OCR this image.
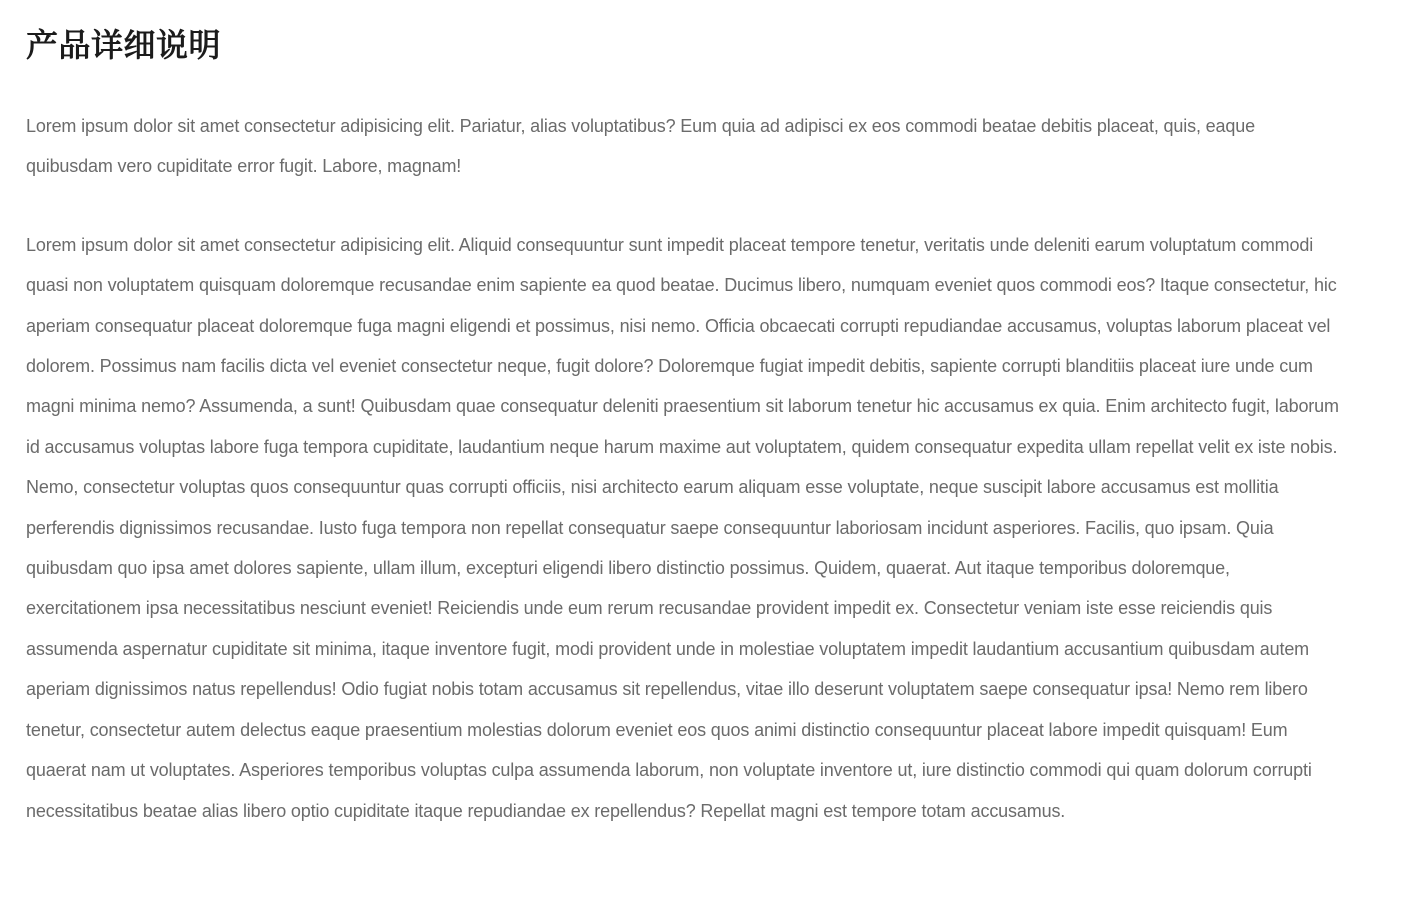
产品详细说明

Lorem ipsum dolor sit amet consectetur adipisicing elit. Pariatur, alias voluptatibus? Eum quia ad adipisci ex eos commodi beatae debitis placeat, quis, eaque quibusdam vero cupiditate error fugit. Labore, magnam!

Lorem ipsum dolor sit amet consectetur adipisicing elit. Aliquid consequuntur sunt impedit placeat tempore tenetur, veritatis unde deleniti earum voluptatum commodi quasi non voluptatem quisquam doloremque recusandae enim sapiente ea quod beatae. Ducimus libero, numquam eveniet quos commodi eos? Itaque consectetur, hic aperiam consequatur placeat doloremque fuga magni eligendi et possimus, nisi nemo. Officia obcaecati corrupti repudiandae accusamus, voluptas laborum placeat vel dolorem. Possimus nam facilis dicta vel eveniet consectetur neque, fugit dolore? Doloremque fugiat impedit debitis, sapiente corrupti blanditiis placeat iure unde cum magni minima nemo? Assumenda, a sunt! Quibusdam quae consequatur deleniti praesentium sit laborum tenetur hic accusamus ex quia. Enim architecto fugit, laborum id accusamus voluptas labore fuga tempora cupiditate, laudantium neque harum maxime aut voluptatem, quidem consequatur expedita ullam repellat velit ex iste nobis. Nemo, consectetur voluptas quos consequuntur quas corrupti officiis, nisi architecto earum aliquam esse voluptate, neque suscipit labore accusamus est mollitia perferendis dignissimos recusandae. Iusto fuga tempora non repellat consequatur saepe consequuntur laboriosam incidunt asperiores. Facilis, quo ipsam. Quia quibusdam quo ipsa amet dolores sapiente, ullam illum, excepturi eligendi libero distinctio possimus. Quidem, quaerat. Aut itaque temporibus doloremque, exercitationem ipsa necessitatibus nesciunt eveniet! Reiciendis unde eum rerum recusandae provident impedit ex. Consectetur veniam iste esse reiciendis quis assumenda aspernatur cupiditate sit minima, itaque inventore fugit, modi provident unde in molestiae voluptatem impedit laudantium accusantium quibusdam autem aperiam dignissimos natus repellendus! Odio fugiat nobis totam accusamus sit repellendus, vitae illo deserunt voluptatem saepe consequatur ipsa! Nemo rem libero tenetur, consectetur autem delectus eaque praesentium molestias dolorum eveniet eos quos animi distinctio consequuntur placeat labore impedit quisquam! Eum quaerat nam ut voluptates. Asperiores temporibus voluptas culpa assumenda laborum, non voluptate inventore ut, iure distinctio commodi qui quam dolorum corrupti necessitatibus beatae alias libero optio cupiditate itaque repudiandae ex repellendus? Repellat magni est tempore totam accusamus.
